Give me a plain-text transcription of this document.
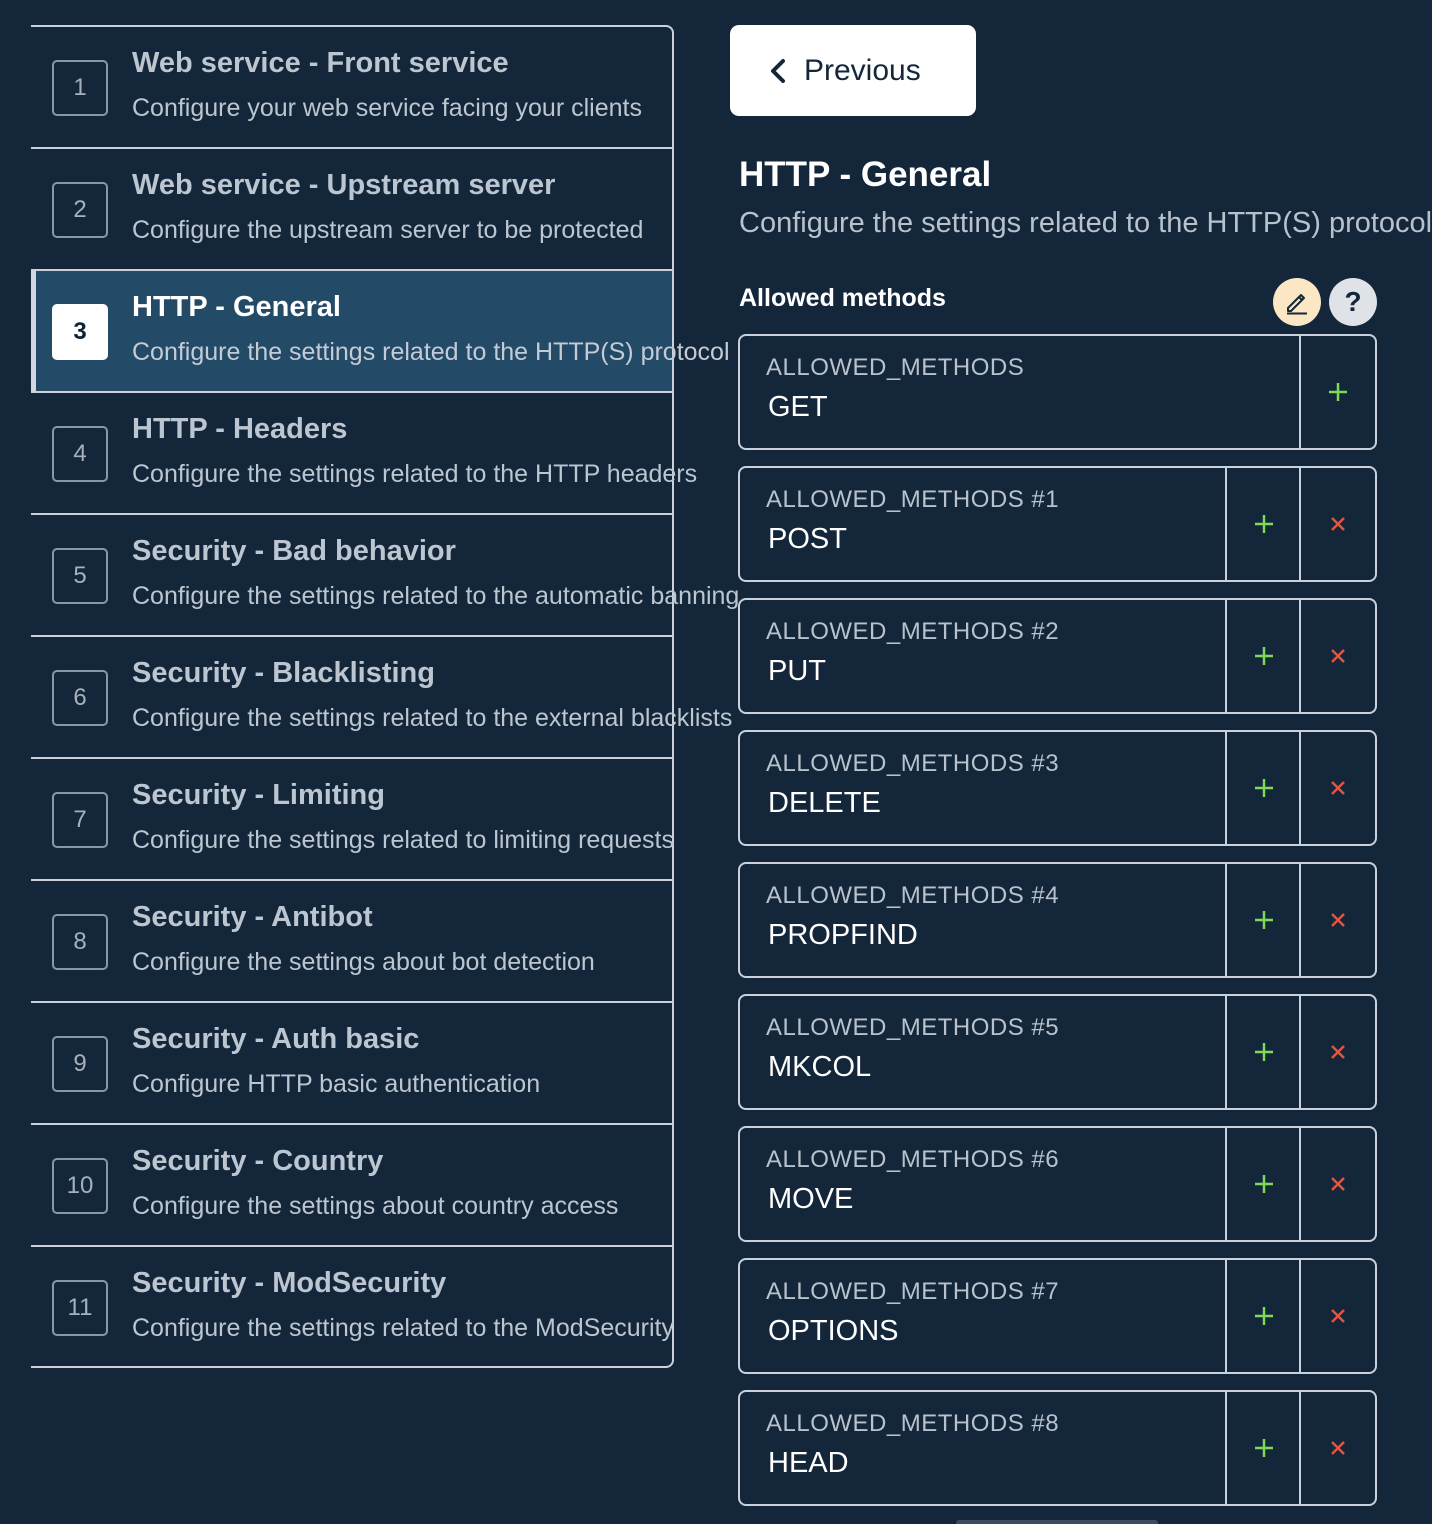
1
Web service - Front service
Configure your web service facing your clients
2
Web service - Upstream server
Configure the upstream server to be protected
3
HTTP - General
Configure the settings related to the HTTP(S) protocol
4
HTTP - Headers
Configure the settings related to the HTTP headers
5
Security - Bad behavior
Configure the settings related to the automatic banning
6
Security - Blacklisting
Configure the settings related to the external blacklists
7
Security - Limiting
Configure the settings related to limiting requests
8
Security - Antibot
Configure the settings about bot detection
9
Security - Auth basic
Configure HTTP basic authentication
10
Security - Country
Configure the settings about country access
11
Security - ModSecurity
Configure the settings related to the ModSecurity
Previous
HTTP - General
Configure the settings related to the HTTP(S) protocol
Allowed methods	?
ALLOWED_METHODS
GET
ALLOWED_METHODS #1
POST
ALLOWED_METHODS #2
PUT
ALLOWED_METHODS #3
DELETE
ALLOWED_METHODS #4
PROPFIND
ALLOWED_METHODS #5
MKCOL
ALLOWED_METHODS #6
MOVE
ALLOWED_METHODS #7
OPTIONS
ALLOWED_METHODS #8
HEAD
